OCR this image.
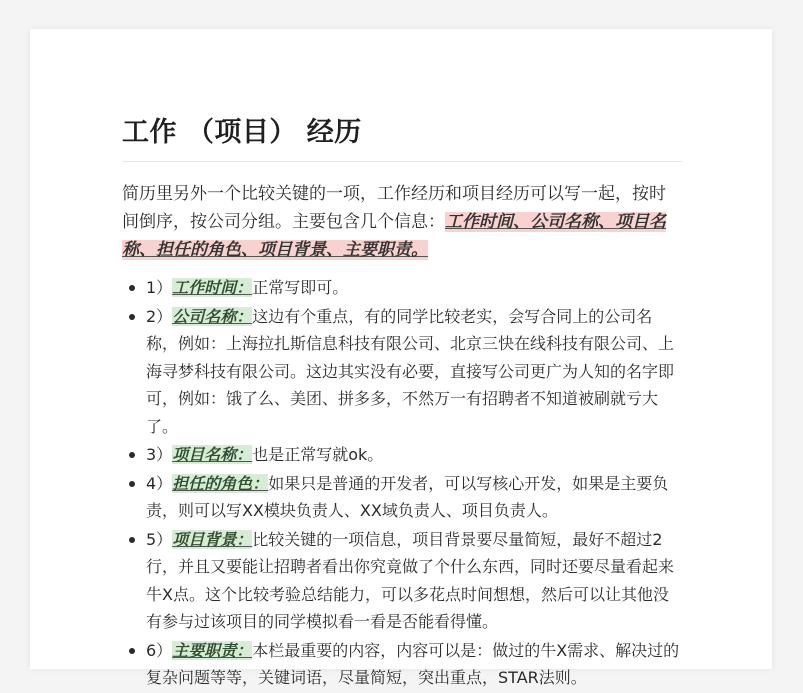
工作 （项目） 经历

简历里另外一个比较关键的一项，工作经历和项目经历可以写一起，按时间倒序，按公司分组。主要包含几个信息：工作时间、公司名称、项目名称、担任的角色、项目背景、主要职责。

1）工作时间：正常写即可。
2）公司名称：这边有个重点，有的同学比较老实，会写合同上的公司名称，例如：上海拉扎斯信息科技有限公司、北京三快在线科技有限公司、上海寻梦科技有限公司。这边其实没有必要，直接写公司更广为人知的名字即可，例如：饿了么、美团、拼多多，不然万一有招聘者不知道被刷就亏大了。
3）项目名称：也是正常写就ok。
4）担任的角色：如果只是普通的开发者，可以写核心开发，如果是主要负责，则可以写XX模块负责人、XX域负责人、项目负责人。
5）项目背景：比较关键的一项信息，项目背景要尽量简短，最好不超过2行，并且又要能让招聘者看出你究竟做了个什么东西，同时还要尽量看起来牛X点。这个比较考验总结能力，可以多花点时间想想，然后可以让其他没有参与过该项目的同学模拟看一看是否能看得懂。
6）主要职责：本栏最重要的内容，内容可以是：做过的牛X需求、解决过的复杂问题等等，关键词语，尽量简短，突出重点，STAR法则。
